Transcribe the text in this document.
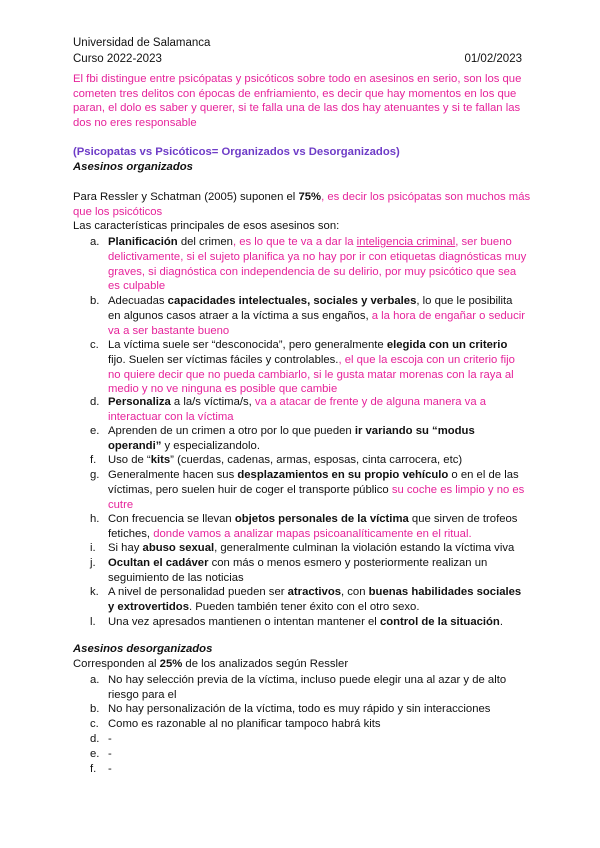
Universidad de Salamanca
Curso 2022-2023	01/02/2023
El fbi distingue entre psicópatas y psicóticos sobre todo en asesinos en serio, son los que cometen tres delitos con épocas de enfriamiento, es decir que hay momentos en los que paran, el dolo es saber y querer, si te falla una de las dos hay atenuantes y si te fallan las dos no eres responsable
(Psicopatas vs Psicóticos= Organizados vs Desorganizados)
Asesinos organizados
Para Ressler y Schatman (2005) suponen el 75%, es decir los psicópatas son muchos más que los psicóticos
Las características principales de esos asesinos son:
a. Planificación del crimen, es lo que te va a dar la inteligencia criminal, ser bueno delictivamente, si el sujeto planifica ya no hay por ir con etiquetas diagnósticas muy graves, si diagnóstica con independencia de su delirio, por muy psicótico que sea es culpable
b. Adecuadas capacidades intelectuales, sociales y verbales, lo que le posibilita en algunos casos atraer a la víctima a sus engaños, a la hora de engañar o seducir va a ser bastante bueno
c. La víctima suele ser “desconocida”, pero generalmente elegida con un criterio fijo. Suelen ser víctimas fáciles y controlables., el que la escoja con un criterio fijo no quiere decir que no pueda cambiarlo, si le gusta matar morenas con la raya al medio y no ve ninguna es posible que cambie
d. Personaliza a la/s víctima/s, va a atacar de frente y de alguna manera va a interactuar con la víctima
e. Aprenden de un crimen a otro por lo que pueden ir variando su “modus operandi” y especializandolo.
f. Uso de “kits” (cuerdas, cadenas, armas, esposas, cinta carrocera, etc)
g. Generalmente hacen sus desplazamientos en su propio vehículo o en el de las víctimas, pero suelen huir de coger el transporte público su coche es limpio y no es cutre
h. Con frecuencia se llevan objetos personales de la víctima que sirven de trofeos fetiches, donde vamos a analizar mapas psicoanalíticamente en el ritual.
i. Si hay abuso sexual, generalmente culminan la violación estando la víctima viva
j. Ocultan el cadáver con más o menos esmero y posteriormente realizan un seguimiento de las noticias
k. A nivel de personalidad pueden ser atractivos, con buenas habilidades sociales y extrovertidos. Pueden también tener éxito con el otro sexo.
l. Una vez apresados mantienen o intentan mantener el control de la situación.
Asesinos desorganizados
Corresponden al 25% de los analizados según Ressler
a. No hay selección previa de la víctima, incluso puede elegir una al azar y de alto riesgo para el
b. No hay personalización de la víctima, todo es muy rápido y sin interacciones
c. Como es razonable al no planificar tampoco habrá kits
d. -
e. -
f. -
